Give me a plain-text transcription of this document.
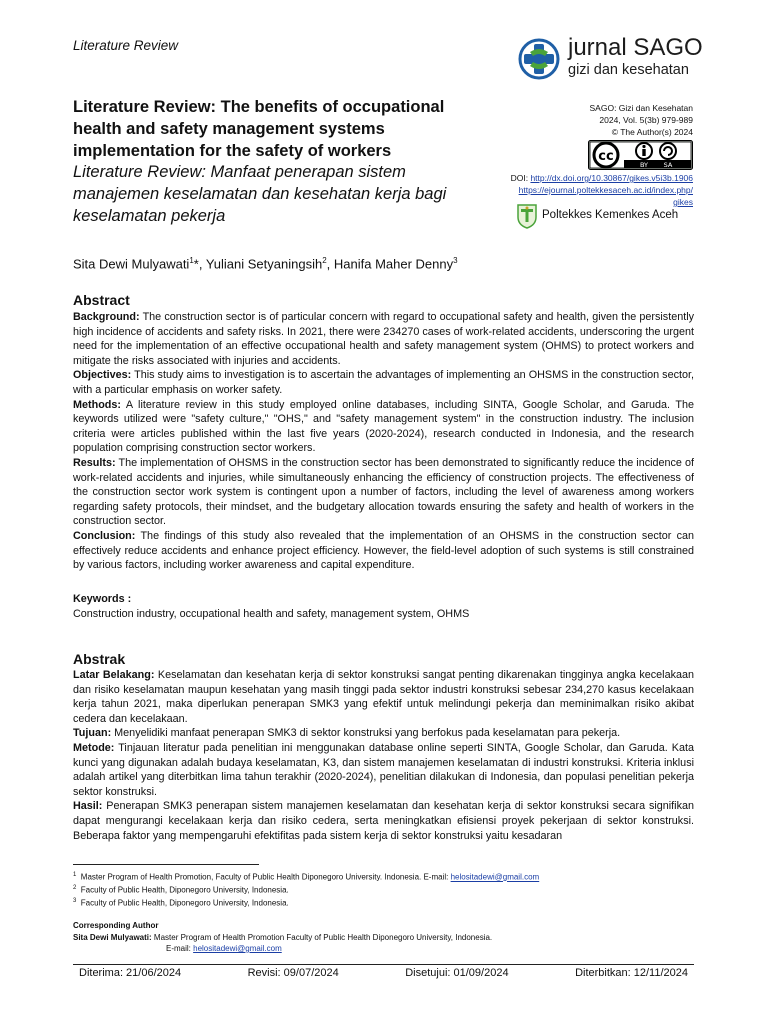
Literature Review	jurnal SAGO
gizi dan kesehatan
Literature Review: The benefits of occupational health and safety management systems implementation for the safety of workers
Literature Review: Manfaat penerapan sistem manajemen keselamatan dan kesehatan kerja bagi keselamatan pekerja
SAGO: Gizi dan Kesehatan
2024, Vol. 5(3b) 979-989
© The Author(s) 2024
cc
BY SA
DOI: http://dx.doi.org/10.30867/gikes.v5i3b.1906
https://ejournal.poltekkesaceh.ac.id/index.php/
gikes
Poltekkes Kemenkes Aceh
Sita Dewi Mulyawati$^1$*, Yuliani Setyaningsih$^2$, Hanifa Maher Denny$^3$
Abstract

Background: The construction sector is of particular concern with regard to occupational safety and health, given the persistently high incidence of accidents and safety risks. In 2021, there were 234270 cases of work-related accidents, underscoring the urgent need for the implementation of an effective occupational health and safety management system (OHMS) to protect workers and mitigate the risks associated with injuries and accidents.

Objectives: This study aims to investigation is to ascertain the advantages of implementing an OHSMS in the construction sector, with a particular emphasis on worker safety.

Methods: A literature review in this study employed online databases, including SINTA, Google Scholar, and Garuda. The keywords utilized were "safety culture," "OHS," and "safety management system" in the construction industry. The inclusion criteria were articles published within the last five years (2020-2024), research conducted in Indonesia, and the research population comprising construction sector workers.

Results: The implementation of OHSMS in the construction sector has been demonstrated to significantly reduce the incidence of work-related accidents and injuries, while simultaneously enhancing the efficiency of construction projects. The effectiveness of the construction sector work system is contingent upon a number of factors, including the level of awareness among workers regarding safety protocols, their mindset, and the budgetary allocation towards ensuring the safety and health of workers in the construction sector.

Conclusion: The findings of this study also revealed that the implementation of an OHSMS in the construction sector can effectively reduce accidents and enhance project efficiency. However, the field-level adoption of such systems is still constrained by various factors, including worker awareness and capital expenditure.

Keywords :
Construction industry, occupational health and safety, management system, OHMS
Abstrak

Latar Belakang: Keselamatan dan kesehatan kerja di sektor konstruksi sangat penting dikarenakan tingginya angka kecelakaan dan risiko keselamatan maupun kesehatan yang masih tinggi pada sektor industri konstruksi sebesar 234,270 kasus kecelakaan kerja tahun 2021, maka diperlukan penerapan SMK3 yang efektif untuk melindungi pekerja dan meminimalkan risiko akibat cedera dan kecelakaan.

Tujuan: Menyelidiki manfaat penerapan SMK3 di sektor konstruksi yang berfokus pada keselamatan para pekerja.

Metode: Tinjauan literatur pada penelitian ini menggunakan database online seperti SINTA, Google Scholar, dan Garuda. Kata kunci yang digunakan adalah budaya keselamatan, K3, dan sistem manajemen keselamatan di industri konstruksi. Kriteria inklusi adalah artikel yang diterbitkan lima tahun terakhir (2020-2024), penelitian dilakukan di Indonesia, dan populasi penelitian pekerja sektor konstruksi.

Hasil: Penerapan SMK3 penerapan sistem manajemen keselamatan dan kesehatan kerja di sektor konstruksi secara signifikan dapat mengurangi kecelakaan kerja dan risiko cedera, serta meningkatkan efisiensi proyek pekerjaan di sektor konstruksi. Beberapa faktor yang mempengaruhi efektifitas pada sistem kerja di sektor konstruksi yaitu kesadaran

$^1$ Master Program of Health Promotion, Faculty of Public Health Diponegoro University. Indonesia. E-mail: helositadewi@gmail.com

$^2$ Faculty of Public Health, Diponegoro University, Indonesia.

$^3$ Faculty of Public Health, Diponegoro University, Indonesia.

Corresponding Author

Sita Dewi Mulyawati: Master Program of Health Promotion Faculty of Public Health Diponegoro University, Indonesia.

E-mail: helositadewi@gmail.com

Diterima: 21/06/2024	Revisi: 09/07/2024	Disetujui: 01/09/2024	Diterbitkan: 12/11/2024
